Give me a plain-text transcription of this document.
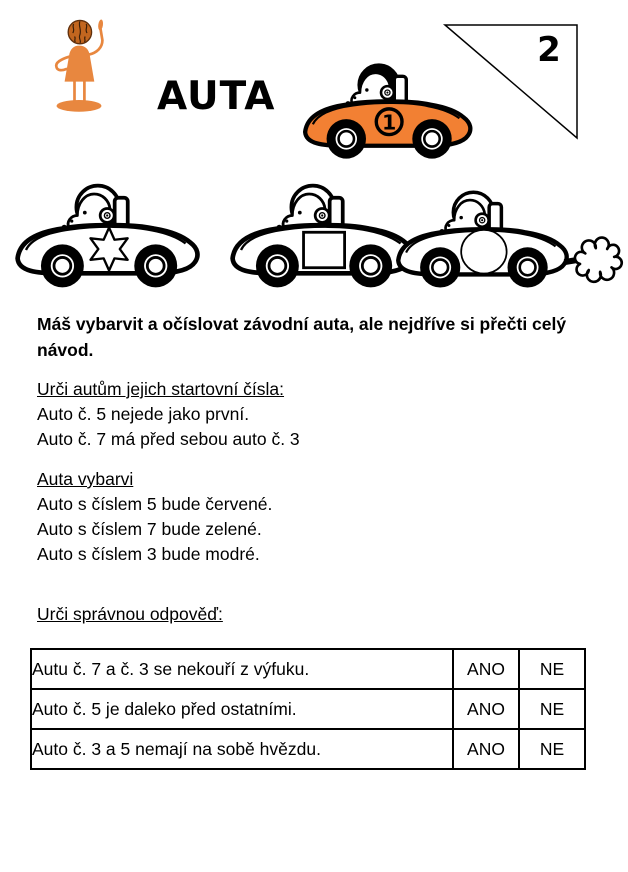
AUTA
2
1
Máš vybarvit a očíslovat závodní auta, ale nejdříve si přečti celý návod.
Urči autům jejich startovní čísla:
Auto č. 5 nejede jako první.
Auto č. 7 má před sebou auto č. 3
Auta vybarvi
Auto s číslem 5 bude červené.
Auto s číslem 7 bude zelené.
Auto s číslem 3 bude modré.
Urči správnou odpověď:
Autu č. 7 a č. 3 se nekouří z výfuku.	ANO	NE
Auto č. 5 je daleko před ostatními.	ANO	NE
Auto č. 3 a 5 nemají na sobě hvězdu.	ANO	NE
